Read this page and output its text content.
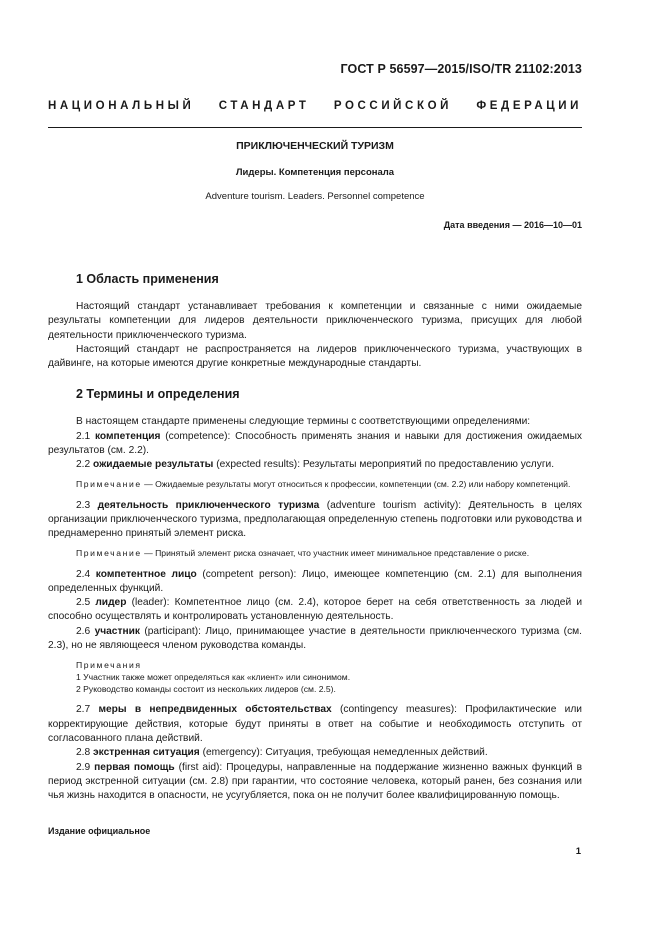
ГОСТ Р 56597—2015/ISO/TR 21102:2013
НАЦИОНАЛЬНЫЙ СТАНДАРТ РОССИЙСКОЙ ФЕДЕРАЦИИ
ПРИКЛЮЧЕНЧЕСКИЙ ТУРИЗМ
Лидеры. Компетенция персонала
Adventure tourism. Leaders. Personnel competence
Дата введения — 2016—10—01
1 Область применения

Настоящий стандарт устанавливает требования к компетенции и связанные с ними ожидаемые результаты компетенции для лидеров деятельности приключенческого туризма, присущих для любой деятельности приключенческого туризма.

Настоящий стандарт не распространяется на лидеров приключенческого туризма, участвующих в дайвинге, на которые имеются другие конкретные международные стандарты.

2 Термины и определения

В настоящем стандарте применены следующие термины с соответствующими определениями:

2.1 компетенция (competence): Способность применять знания и навыки для достижения ожидаемых результатов (см. 2.2).

2.2 ожидаемые результаты (expected results): Результаты мероприятий по предоставлению услуги.

Примечание — Ожидаемые результаты могут относиться к профессии, компетенции (см. 2.2) или набору компетенций.

2.3 деятельность приключенческого туризма (adventure tourism activity): Деятельность в целях организации приключенческого туризма, предполагающая определенную степень подготовки или руководства и преднамеренно принятый элемент риска.

Примечание — Принятый элемент риска означает, что участник имеет минимальное представление о риске.

2.4 компетентное лицо (competent person): Лицо, имеющее компетенцию (см. 2.1) для выполнения определенных функций.

2.5 лидер (leader): Компетентное лицо (см. 2.4), которое берет на себя ответственность за людей и способно осуществлять и контролировать установленную деятельность.

2.6 участник (participant): Лицо, принимающее участие в деятельности приключенческого туризма (см. 2.3), но не являющееся членом руководства команды.

Примечания
1 Участник также может определяться как «клиент» или синонимом.
2 Руководство команды состоит из нескольких лидеров (см. 2.5).

2.7 меры в непредвиденных обстоятельствах (contingency measures): Профилактические или корректирующие действия, которые будут приняты в ответ на событие и необходимость отступить от согласованного плана действий.

2.8 экстренная ситуация (emergency): Ситуация, требующая немедленных действий.

2.9 первая помощь (first aid): Процедуры, направленные на поддержание жизненно важных функций в период экстренной ситуации (см. 2.8) при гарантии, что состояние человека, который ранен, без сознания или чья жизнь находится в опасности, не усугубляется, пока он не получит более квалифицированную помощь.

Издание официальное
1
